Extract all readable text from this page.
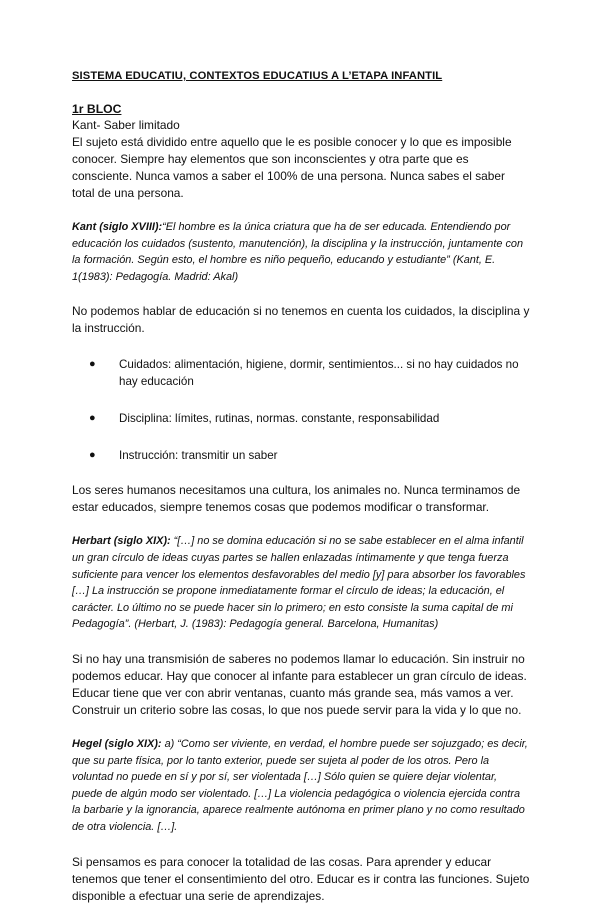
SISTEMA EDUCATIU, CONTEXTOS EDUCATIUS A L’ETAPA INFANTIL

1r BLOC

Kant- Saber limitado

El sujeto está dividido entre aquello que le es posible conocer y lo que es imposible conocer. Siempre hay elementos que son inconscientes y otra parte que es consciente. Nunca vamos a saber el 100% de una persona. Nunca sabes el saber total de una persona.

Kant (siglo XVIII):“El hombre es la única criatura que ha de ser educada. Entendiendo por educación los cuidados (sustento, manutención), la disciplina y la instrucción, juntamente con la formación. Según esto, el hombre es niño pequeño, educando y estudiante” (Kant, E. 1(1983): Pedagogía. Madrid: Akal)

No podemos hablar de educación si no tenemos en cuenta los cuidados, la disciplina y la instrucción.

● Cuidados: alimentación, higiene, dormir, sentimientos... si no hay cuidados no hay educación
● Disciplina: límites, rutinas, normas. constante, responsabilidad
● Instrucción: transmitir un saber

Los seres humanos necesitamos una cultura, los animales no. Nunca terminamos de estar educados, siempre tenemos cosas que podemos modificar o transformar.

Herbart (siglo XIX): “[…] no se domina educación si no se sabe establecer en el alma infantil un gran círculo de ideas cuyas partes se hallen enlazadas íntimamente y que tenga fuerza suficiente para vencer los elementos desfavorables del medio [y] para absorber los favorables […] La instrucción se propone inmediatamente formar el círculo de ideas; la educación, el carácter. Lo último no se puede hacer sin lo primero; en esto consiste la suma capital de mi Pedagogía”. (Herbart, J. (1983): Pedagogía general. Barcelona, Humanitas)

Si no hay una transmisión de saberes no podemos llamar lo educación. Sin instruir no podemos educar. Hay que conocer al infante para establecer un gran círculo de ideas. Educar tiene que ver con abrir ventanas, cuanto más grande sea, más vamos a ver. Construir un criterio sobre las cosas, lo que nos puede servir para la vida y lo que no.

Hegel (siglo XIX): a) “Como ser viviente, en verdad, el hombre puede ser sojuzgado; es decir, que su parte física, por lo tanto exterior, puede ser sujeta al poder de los otros. Pero la voluntad no puede en sí y por sí, ser violentada […] Sólo quien se quiere dejar violentar, puede de algún modo ser violentado. […] La violencia pedagógica o violencia ejercida contra la barbarie y la ignorancia, aparece realmente autónoma en primer plano y no como resultado de otra violencia. […].

Si pensamos es para conocer la totalidad de las cosas. Para aprender y educar tenemos que tener el consentimiento del otro. Educar es ir contra las funciones. Sujeto disponible a efectuar una serie de aprendizajes.
